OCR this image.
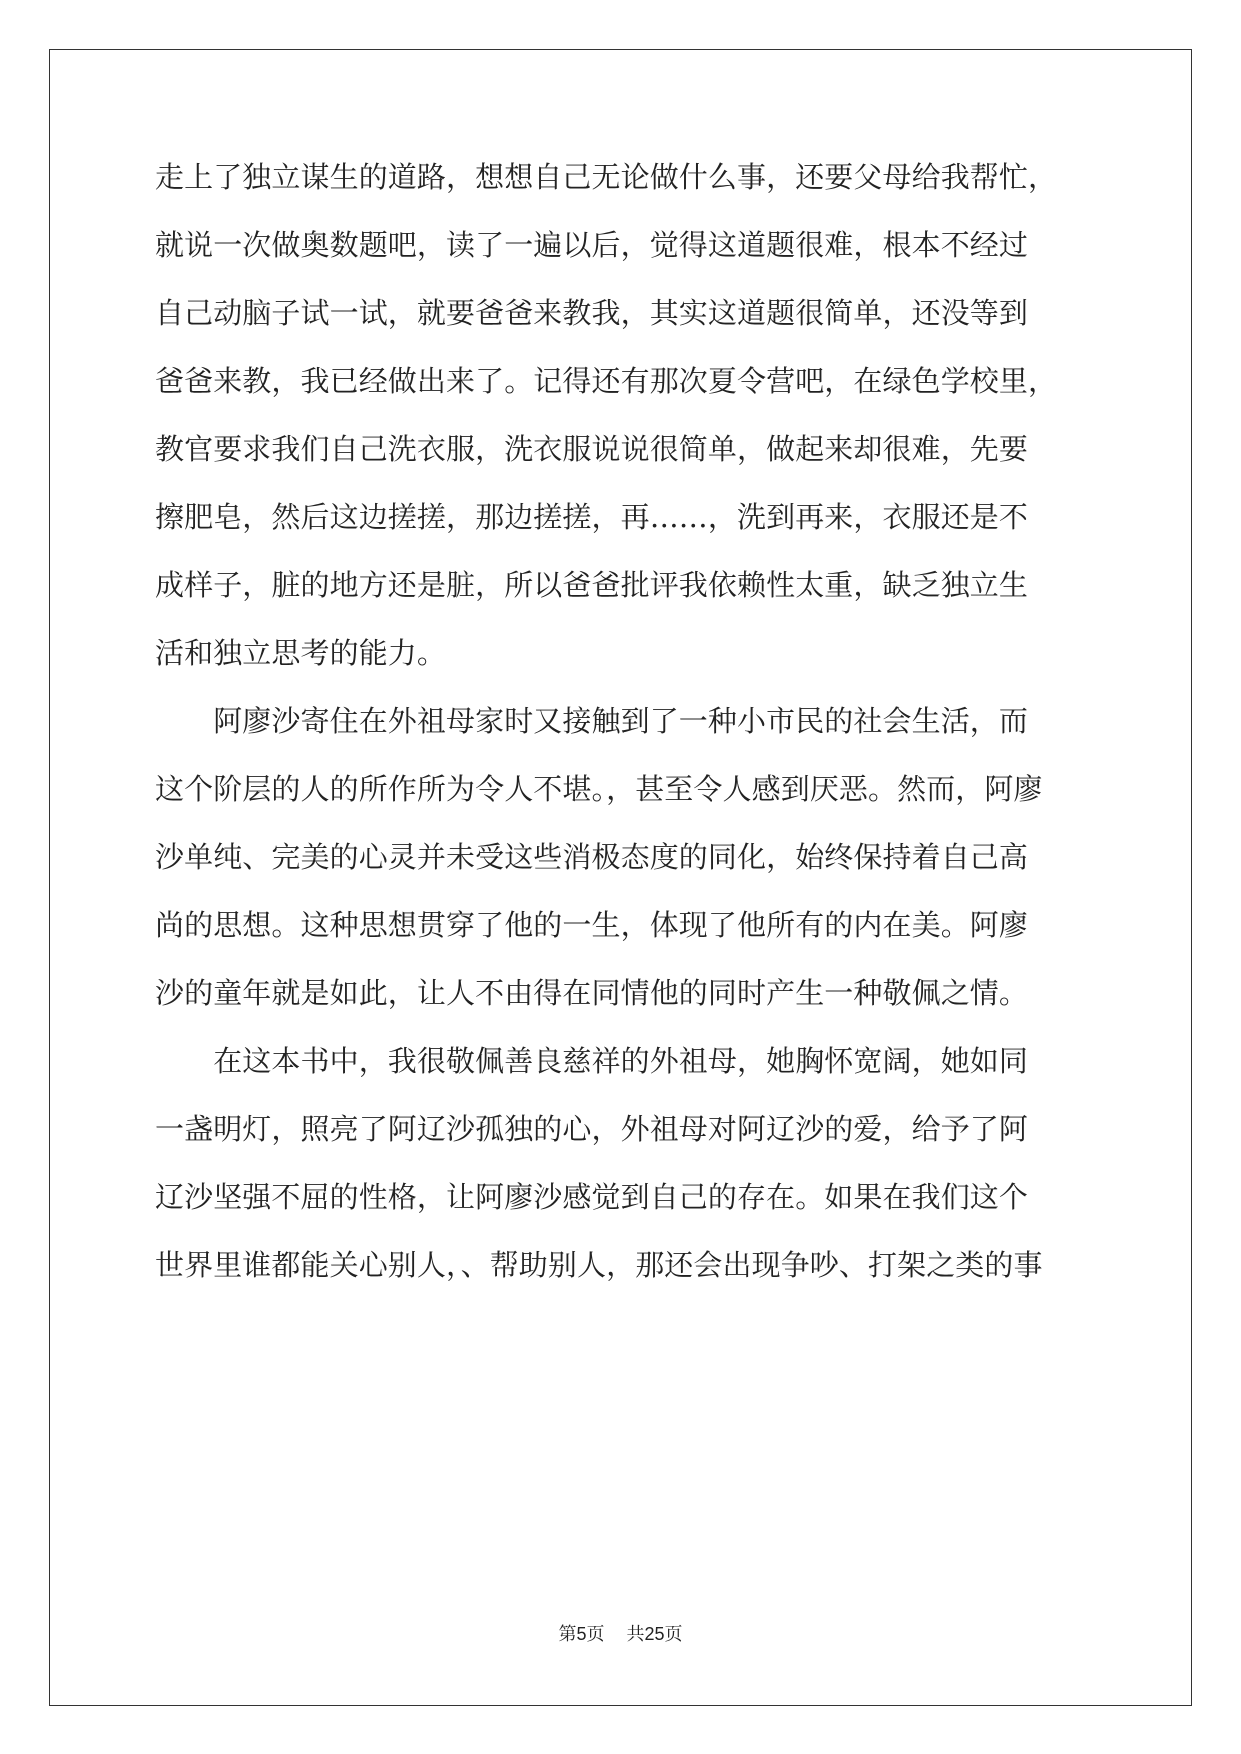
走上了独立谋生的道路，想想自己无论做什么事，还要父母给我帮忙，
就说一次做奥数题吧，读了一遍以后，觉得这道题很难，根本不经过
自己动脑子试一试，就要爸爸来教我，其实这道题很简单，还没等到
爸爸来教，我已经做出来了。记得还有那次夏令营吧，在绿色学校里，
教官要求我们自己洗衣服，洗衣服说说很简单，做起来却很难，先要
擦肥皂，然后这边搓搓，那边搓搓，再……，洗到再来，衣服还是不
成样子，脏的地方还是脏，所以爸爸批评我依赖性太重，缺乏独立生
活和独立思考的能力。
　　阿廖沙寄住在外祖母家时又接触到了一种小市民的社会生活，而
这个阶层的人的所作所为令人不堪。，甚至令人感到厌恶。然而，阿廖
沙单纯、完美的心灵并未受这些消极态度的同化，始终保持着自己高
尚的思想。这种思想贯穿了他的一生，体现了他所有的内在美。阿廖
沙的童年就是如此，让人不由得在同情他的同时产生一种敬佩之情。
　　在这本书中，我很敬佩善良慈祥的外祖母，她胸怀宽阔，她如同
一盏明灯，照亮了阿辽沙孤独的心，外祖母对阿辽沙的爱，给予了阿
辽沙坚强不屈的性格，让阿廖沙感觉到自己的存在。如果在我们这个
世界里谁都能关心别人，、帮助别人，那还会出现争吵、打架之类的事
第5页 共25页
